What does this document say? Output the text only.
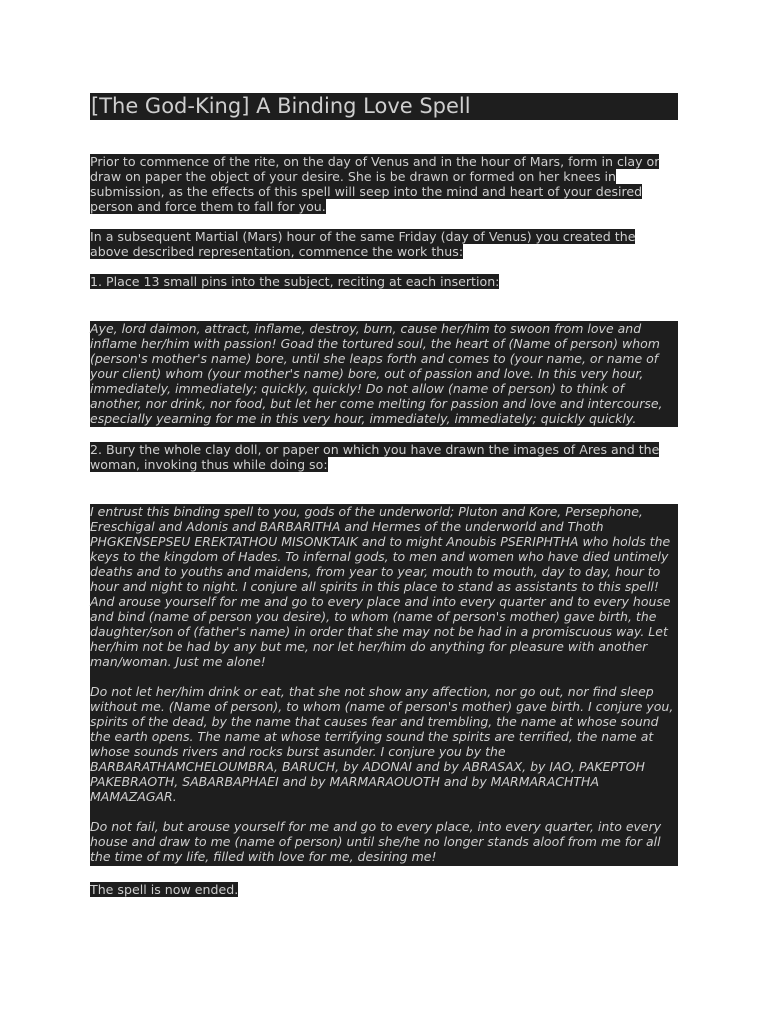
[The God-King] A Binding Love Spell

Prior to commence of the rite, on the day of Venus and in the hour of Mars, form in clay or draw on paper the object of your desire. She is be drawn or formed on her knees in submission, as the effects of this spell will seep into the mind and heart of your desired person and force them to fall for you.

In a subsequent Martial (Mars) hour of the same Friday (day of Venus) you created the above described representation, commence the work thus:

1. Place 13 small pins into the subject, reciting at each insertion:

Aye, lord daimon, attract, inflame, destroy, burn, cause her/him to swoon from love and inflame her/him with passion! Goad the tortured soul, the heart of (Name of person) whom (person's mother's name) bore, until she leaps forth and comes to (your name, or name of your client) whom (your mother's name) bore, out of passion and love. In this very hour, immediately, immediately; quickly, quickly! Do not allow (name of person) to think of another, nor drink, nor food, but let her come melting for passion and love and intercourse, especially yearning for me in this very hour, immediately, immediately; quickly quickly.

2. Bury the whole clay doll, or paper on which you have drawn the images of Ares and the woman, invoking thus while doing so:

I entrust this binding spell to you, gods of the underworld; Pluton and Kore, Persephone, Ereschigal and Adonis and BARBARITHA and Hermes of the underworld and Thoth PHGKENSEPSEU EREKTATHOU MISONKTAIK and to might Anoubis PSERIPHTHA who holds the keys to the kingdom of Hades. To infernal gods, to men and women who have died untimely deaths and to youths and maidens, from year to year, mouth to mouth, day to day, hour to hour and night to night. I conjure all spirits in this place to stand as assistants to this spell! And arouse yourself for me and go to every place and into every quarter and to every house and bind (name of person you desire), to whom (name of person's mother) gave birth, the daughter/son of (father's name) in order that she may not be had in a promiscuous way. Let her/him not be had by any but me, nor let her/him do anything for pleasure with another man/woman. Just me alone!

Do not let her/him drink or eat, that she not show any affection, nor go out, nor find sleep without me. (Name of person), to whom (name of person's mother) gave birth. I conjure you, spirits of the dead, by the name that causes fear and trembling, the name at whose sound the earth opens. The name at whose terrifying sound the spirits are terrified, the name at whose sounds rivers and rocks burst asunder. I conjure you by the BARBARATHAMCHELOUMBRA, BARUCH, by ADONAI and by ABRASAX, by IAO, PAKEPTOH PAKEBRAOTH, SABARBAPHAEI and by MARMARAOUOTH and by MARMARACHTHA MAMAZAGAR.

Do not fail, but arouse yourself for me and go to every place, into every quarter, into every house and draw to me (name of person) until she/he no longer stands aloof from me for all the time of my life, filled with love for me, desiring me!

The spell is now ended.
